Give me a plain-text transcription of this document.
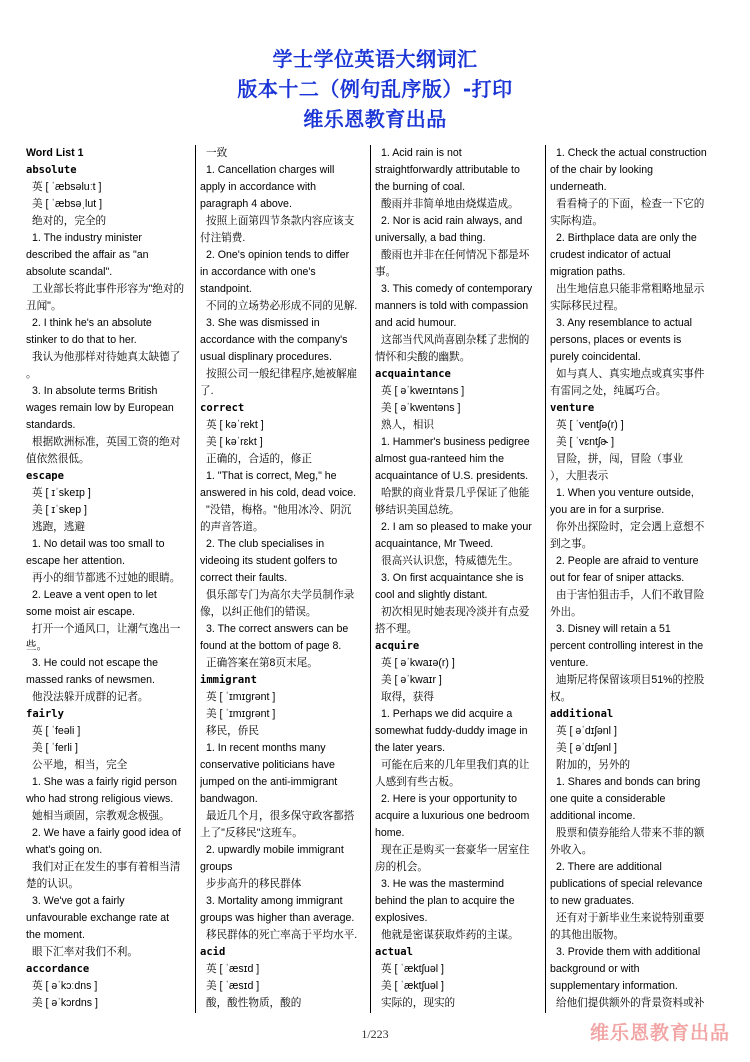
学士学位英语大纲词汇
版本十二（例句乱序版）-打印
维乐恩教育出品
Word List 1
absolute
英 [ ˈæbsəluːt ]
美 [ ˈæbsəˌlut ]
绝对的，完全的
1. The industry minister
described the affair as "an
absolute scandal".
工业部长将此事件形容为"绝对的
丑闻"。
2. I think he's an absolute
stinker to do that to her.
我认为他那样对待她真太缺德了
。
3. In absolute terms British
wages remain low by European
standards.
根据欧洲标准，英国工资的绝对
值依然很低。
escape
英 [ ɪˈskeɪp ]
美 [ ɪˈskep ]
逃跑，逃避
1. No detail was too small to
escape her attention.
再小的细节都逃不过她的眼睛。
2. Leave a vent open to let
some moist air escape.
打开一个通风口，让潮气逸出一
些。
3. He could not escape the
massed ranks of newsmen.
他没法躲开成群的记者。
fairly
英 [ ˈfeəli ]
美 [ ˈferli ]
公平地，相当，完全
1. She was a fairly rigid person
who had strong religious views.
她相当顽固，宗教观念极强。
2. We have a fairly good idea of
what's going on.
我们对正在发生的事有着相当清
楚的认识。
3. We've got a fairly
unfavourable exchange rate at
the moment.
眼下汇率对我们不利。
accordance
英 [ əˈkɔːdns ]
美 [ əˈkɔrdns ]
一致
1. Cancellation charges will
apply in accordance with
paragraph 4 above.
按照上面第四节条款内容应该支
付注销费.
2. One's opinion tends to differ
in accordance with one's
standpoint.
不同的立场势必形成不同的见解.
3. She was dismissed in
accordance with the company's
usual displinary procedures.
按照公司一般纪律程序,她被解雇
了.
correct
英 [ kəˈrekt ]
美 [ kəˈrɛkt ]
正确的，合适的，修正
1. "That is correct, Meg," he
answered in his cold, dead voice.
"没错，梅格。"他用冰冷、阴沉
的声音答道。
2. The club specialises in
videoing its student golfers to
correct their faults.
俱乐部专门为高尔夫学员制作录
像，以纠正他们的错误。
3. The correct answers can be
found at the bottom of page 8.
正确答案在第8页末尾。
immigrant
英 [ ˈɪmɪɡrənt ]
美 [ ˈɪmɪɡrənt ]
移民，侨民
1. In recent months many
conservative politicians have
jumped on the anti-immigrant
bandwagon.
最近几个月，很多保守政客都搭
上了"反移民"这班车。
2. upwardly mobile immigrant
groups
步步高升的移民群体
3. Mortality among immigrant
groups was higher than average.
移民群体的死亡率高于平均水平.
acid
英 [ ˈæsɪd ]
美 [ ˈæsɪd ]
酸，酸性物质，酸的
1. Acid rain is not
straightforwardly attributable to
the burning of coal.
酸雨并非简单地由烧煤造成。
2. Nor is acid rain always, and
universally, a bad thing.
酸雨也并非在任何情况下都是坏
事。
3. This comedy of contemporary
manners is told with compassion
and acid humour.
这部当代风尚喜剧杂糅了悲悯的
情怀和尖酸的幽默。
acquaintance
英 [ əˈkweɪntəns ]
美 [ əˈkwentəns ]
熟人，相识
1. Hammer's business pedigree
almost gua-ranteed him the
acquaintance of U.S. presidents.
哈默的商业背景几乎保证了他能
够结识美国总统。
2. I am so pleased to make your
acquaintance, Mr Tweed.
很高兴认识您，特威德先生。
3. On first acquaintance she is
cool and slightly distant.
初次相见时她表现冷淡并有点爱
搭不理。
acquire
英 [ əˈkwaɪə(r) ]
美 [ əˈkwaɪr ]
取得，获得
1. Perhaps we did acquire a
somewhat fuddy-duddy image in
the later years.
可能在后来的几年里我们真的让
人感到有些古板。
2. Here is your opportunity to
acquire a luxurious one bedroom
home.
现在正是购买一套豪华一居室住
房的机会。
3. He was the mastermind
behind the plan to acquire the
explosives.
他就是密谋获取炸药的主谋。
actual
英 [ ˈæktʃuəl ]
美 [ ˈæktʃuəl ]
实际的，现实的
1. Check the actual construction
of the chair by looking
underneath.
看看椅子的下面，检查一下它的
实际构造。
2. Birthplace data are only the
crudest indicator of actual
migration paths.
出生地信息只能非常粗略地显示
实际移民过程。
3. Any resemblance to actual
persons, places or events is
purely coincidental.
如与真人、真实地点或真实事件
有雷同之处，纯属巧合。
venture
英 [ ˈventʃə(r) ]
美 [ ˈvɛntʃɚ ]
冒险，拼，闯，冒险（事业
），大胆表示
1. When you venture outside,
you are in for a surprise.
你外出探险时，定会遇上意想不
到之事。
2. People are afraid to venture
out for fear of sniper attacks.
由于害怕狙击手，人们不敢冒险
外出。
3. Disney will retain a 51
percent controlling interest in the
venture.
迪斯尼将保留该项目51%的控股
权。
additional
英 [ əˈdɪʃənl ]
美 [ əˈdɪʃənl ]
附加的，另外的
1. Shares and bonds can bring
one quite a considerable
additional income.
股票和债券能给人带来不菲的额
外收入。
2. There are additional
publications of special relevance
to new graduates.
还有对于新毕业生来说特别重要
的其他出版物。
3. Provide them with additional
background or with
supplementary information.
给他们提供额外的背景资料或补
1/223	维乐恩教育出品
